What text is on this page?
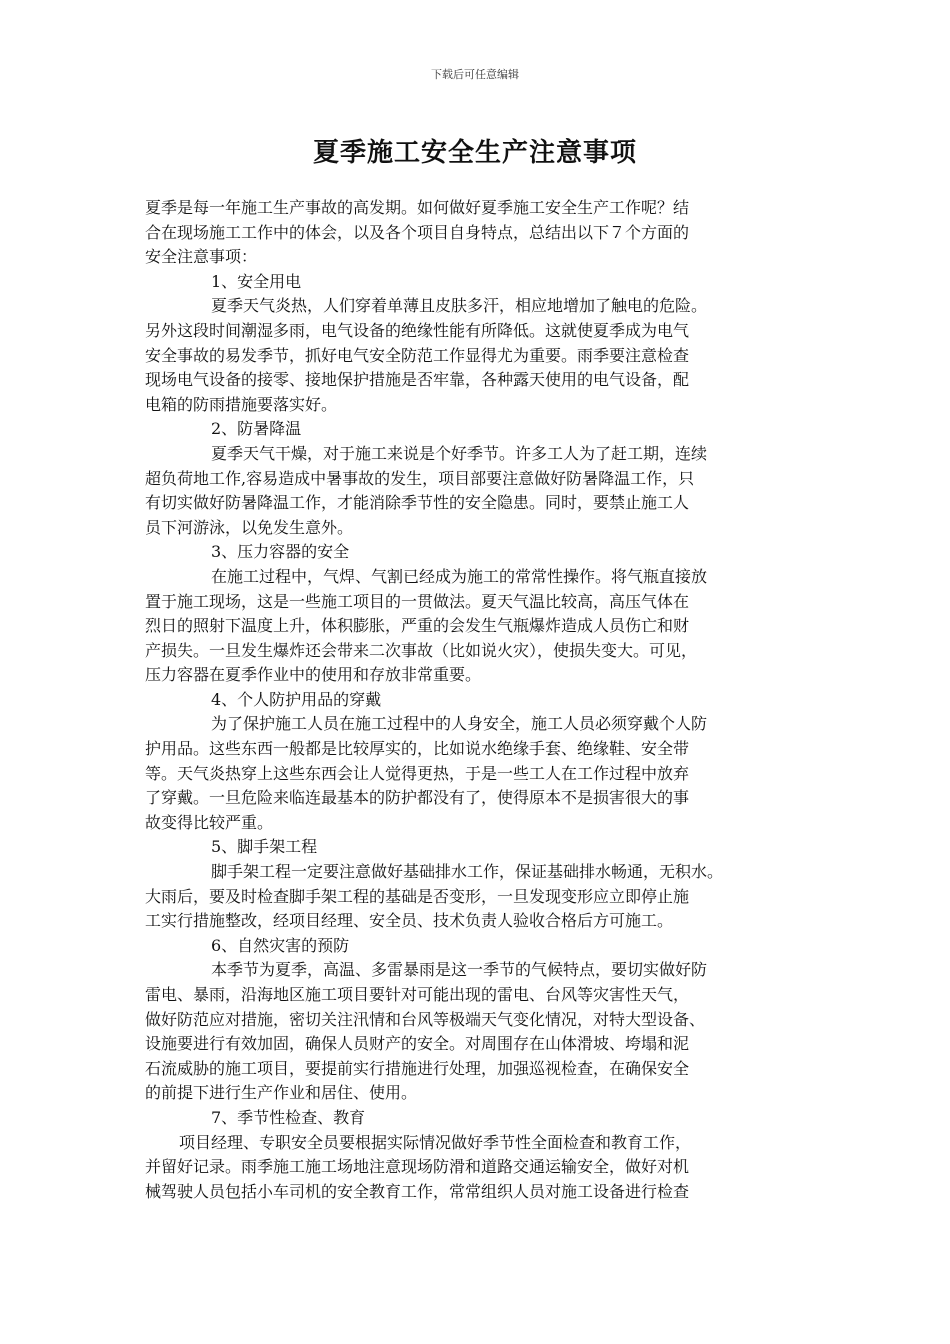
下载后可任意编辑
夏季施工安全生产注意事项
夏季是每一年施工生产事故的高发期。如何做好夏季施工安全生产工作呢？结
合在现场施工工作中的体会，以及各个项目自身特点，总结出以下７个方面的
安全注意事项：
1、安全用电
夏季天气炎热，人们穿着单薄且皮肤多汗，相应地增加了触电的危险。
另外这段时间潮湿多雨，电气设备的绝缘性能有所降低。这就使夏季成为电气
安全事故的易发季节，抓好电气安全防范工作显得尤为重要。雨季要注意检查
现场电气设备的接零、接地保护措施是否牢靠，各种露天使用的电气设备，配
电箱的防雨措施要落实好。
2、防暑降温
夏季天气干燥，对于施工来说是个好季节。许多工人为了赶工期，连续
超负荷地工作,容易造成中暑事故的发生，项目部要注意做好防暑降温工作，只
有切实做好防暑降温工作，才能消除季节性的安全隐患。同时，要禁止施工人
员下河游泳，以免发生意外。
3、压力容器的安全
在施工过程中，气焊、气割已经成为施工的常常性操作。将气瓶直接放
置于施工现场，这是一些施工项目的一贯做法。夏天气温比较高，高压气体在
烈日的照射下温度上升，体积膨胀，严重的会发生气瓶爆炸造成人员伤亡和财
产损失。一旦发生爆炸还会带来二次事故（比如说火灾），使损失变大。可见，
压力容器在夏季作业中的使用和存放非常重要。
4、个人防护用品的穿戴
为了保护施工人员在施工过程中的人身安全，施工人员必须穿戴个人防
护用品。这些东西一般都是比较厚实的，比如说水绝缘手套、绝缘鞋、安全带
等。天气炎热穿上这些东西会让人觉得更热，于是一些工人在工作过程中放弃
了穿戴。一旦危险来临连最基本的防护都没有了，使得原本不是损害很大的事
故变得比较严重。
5、脚手架工程
脚手架工程一定要注意做好基础排水工作，保证基础排水畅通，无积水。
大雨后，要及时检查脚手架工程的基础是否变形，一旦发现变形应立即停止施
工实行措施整改，经项目经理、安全员、技术负责人验收合格后方可施工。
6、自然灾害的预防
本季节为夏季，高温、多雷暴雨是这一季节的气候特点，要切实做好防
雷电、暴雨，沿海地区施工项目要针对可能出现的雷电、台风等灾害性天气，
做好防范应对措施，密切关注汛情和台风等极端天气变化情况，对特大型设备、
设施要进行有效加固，确保人员财产的安全。对周围存在山体滑坡、垮塌和泥
石流威胁的施工项目，要提前实行措施进行处理，加强巡视检查，在确保安全
的前提下进行生产作业和居住、使用。
7、季节性检查、教育
项目经理、专职安全员要根据实际情况做好季节性全面检查和教育工作，
并留好记录。雨季施工施工场地注意现场防滑和道路交通运输安全，做好对机
械驾驶人员包括小车司机的安全教育工作，常常组织人员对施工设备进行检查
